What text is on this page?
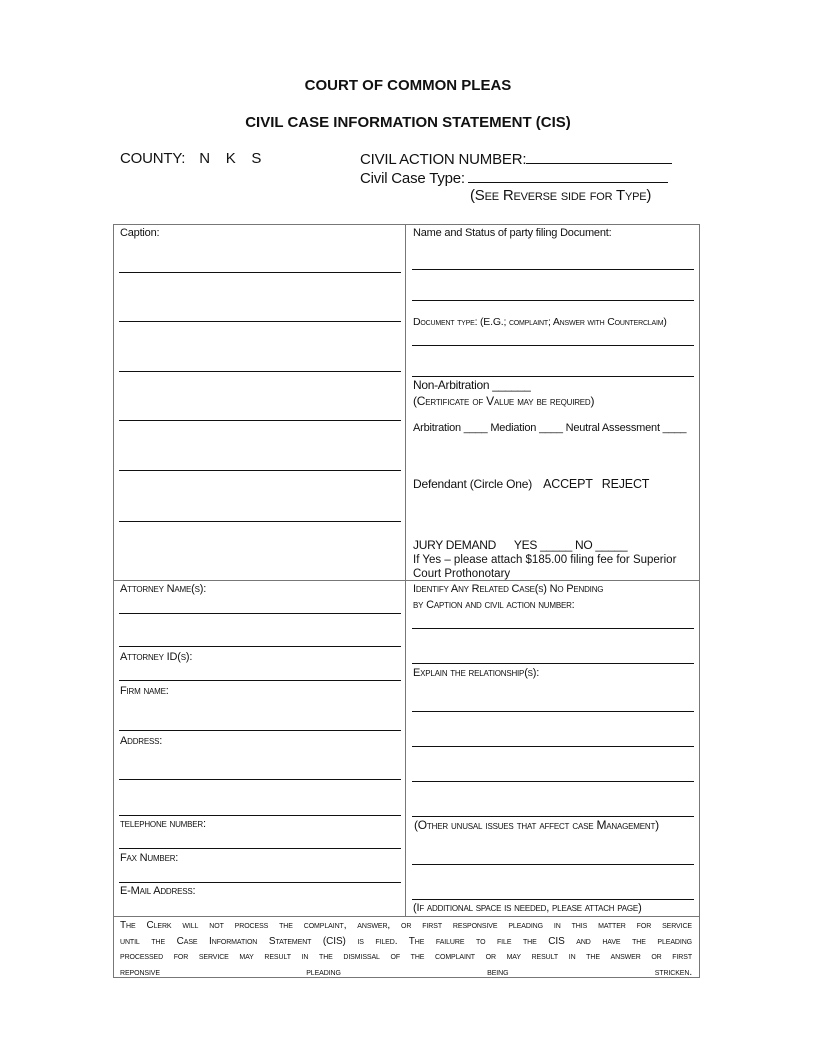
COURT OF COMMON PLEAS
CIVIL CASE INFORMATION STATEMENT (CIS)
COUNTY: N    K    S	CIVIL ACTION NUMBER:
Civil Case Type:
(See Reverse side for Type)
Caption:	Name and Status of party filing Document:
Document type: (E.G.; complaint; Answer with Counterclaim)
Non-Arbitration ______
(Certificate of Value may be required)
Arbitration ____ Mediation ____ Neutral Assessment ____
Defendant (Circle One) ACCEPT REJECT
JURY DEMAND      YES _____ NO _____
If Yes – please attach $185.00 filing fee for Superior Court Prothonotary
Attorney Name(s):
Attorney ID(s):
Firm name:
Address:
telephone number:
Fax Number:
E-Mail Address:
Identify Any Related Case(s) No Pending
by Caption and civil action number:
Explain the relationship(s):
(Other unusal issues that affect case Management)
(If additional space is needed, please attach page)
The Clerk will not process the complaint, answer, or first responsive pleading in this matter for service
until the Case Information Statement (CIS) is filed. The failure to file the CIS and have the pleading
processed for service may result in the dismissal of the complaint or may result in the answer or first
reponsive pleading being stricken.
